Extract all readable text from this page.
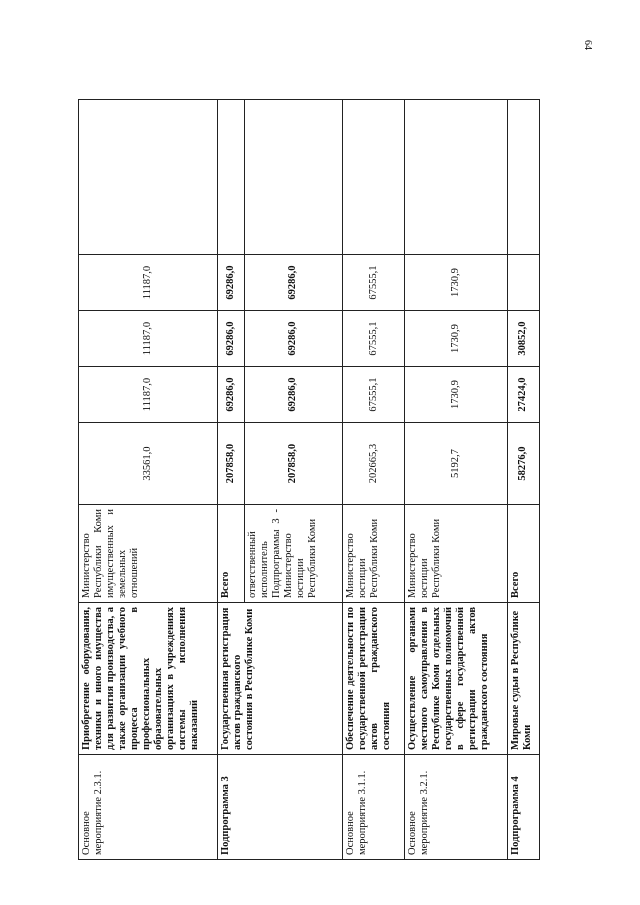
64
Основное мероприятие 2.3.1.	Приобретение оборудования, техники и иного имущества для развития производства, а также организации учебного процесса в профессиональных образовательных организациях в учреждениях системы исполнения наказаний	Министерство Республики Коми имущественных и земельных отношений	33561,0	11187,0	11187,0	11187,0	
Подпрограмма 3	Государственная регистрация актов гражданского состояния в Республике Коми	Всего	207858,0	69286,0	69286,0	69286,0	
		ответственный исполнитель Подпрограммы 3 - Министерство юстиции Республики Коми	207858,0	69286,0	69286,0	69286,0	
Основное мероприятие 3.1.1.	Обеспечение деятельности по государственной регистрации актов гражданского состояния	Министерство юстиции Республики Коми	202665,3	67555,1	67555,1	67555,1	
Основное мероприятие 3.2.1.	Осуществление органами местного самоуправления в Республике Коми отдельных государственных полномочий в сфере государственной регистрации актов гражданского состояния	Министерство юстиции Республики Коми	5192,7	1730,9	1730,9	1730,9	
Подпрограмма 4	Мировые судьи в Республике Коми	Всего	58276,0	27424,0	30852,0		
